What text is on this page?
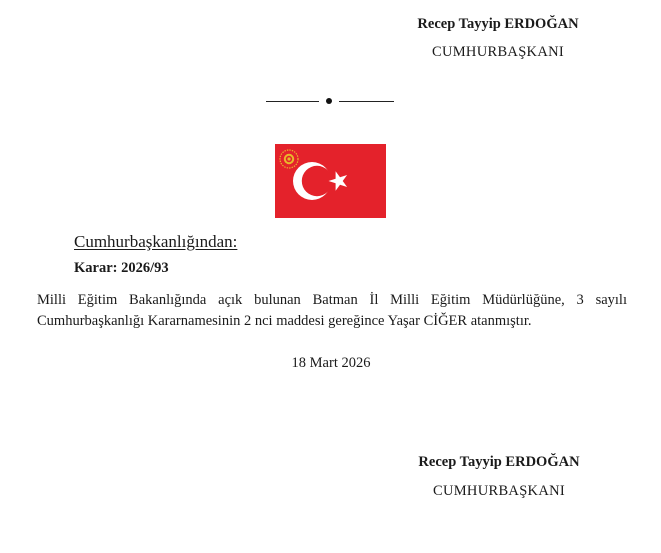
Recep Tayyip ERDOĞAN
CUMHURBAŞKANI
Cumhurbaşkanlığından:
Karar: 2026/93
Milli Eğitim Bakanlığında açık bulunan Batman İl Milli Eğitim Müdürlüğüne, 3 sayılı
Cumhurbaşkanlığı Kararnamesinin 2 nci maddesi gereğince Yaşar CİĞER atanmıştır.
18 Mart 2026
Recep Tayyip ERDOĞAN
CUMHURBAŞKANI
